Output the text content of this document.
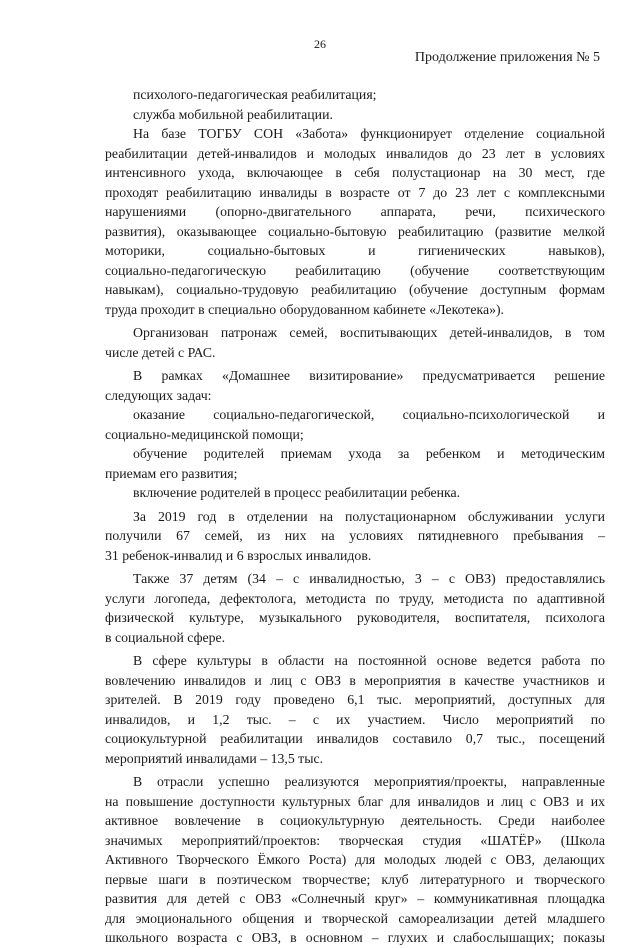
26
Продолжение приложения № 5
психолого-педагогическая реабилитация;
служба мобильной реабилитации.
На базе ТОГБУ СОН «Забота» функционирует отделение социальной
реабилитации детей-инвалидов и молодых инвалидов до 23 лет в условиях
интенсивного ухода, включающее в себя полустационар на 30 мест, где
проходят реабилитацию инвалиды в возрасте от 7 до 23 лет с комплексными
нарушениями (опорно-двигательного аппарата, речи, психического
развития), оказывающее социально-бытовую реабилитацию (развитие мелкой
моторики, социально-бытовых и гигиенических навыков),
социально-педагогическую реабилитацию (обучение соответствующим
навыкам), социально-трудовую реабилитацию (обучение доступным формам
труда проходит в специально оборудованном кабинете «Лекотека»).
Организован патронаж семей, воспитывающих детей-инвалидов, в том
числе детей с РАС.
В рамках «Домашнее визитирование» предусматривается решение
следующих задач:
оказание социально-педагогической, социально-психологической и
социально-медицинской помощи;
обучение родителей приемам ухода за ребенком и методическим
приемам его развития;
включение родителей в процесс реабилитации ребенка.
За 2019 год в отделении на полустационарном обслуживании услуги
получили 67 семей, из них на условиях пятидневного пребывания –
31 ребенок-инвалид и 6 взрослых инвалидов.
Также 37 детям (34 – с инвалидностью, 3 – с ОВЗ) предоставлялись
услуги логопеда, дефектолога, методиста по труду, методиста по адаптивной
физической культуре, музыкального руководителя, воспитателя, психолога
в социальной сфере.
В сфере культуры в области на постоянной основе ведется работа по
вовлечению инвалидов и лиц с ОВЗ в мероприятия в качестве участников и
зрителей. В 2019 году проведено 6,1 тыс. мероприятий, доступных для
инвалидов, и 1,2 тыс. – с их участием. Число мероприятий по
социокультурной реабилитации инвалидов составило 0,7 тыс., посещений
мероприятий инвалидами – 13,5 тыс.
В отрасли успешно реализуются мероприятия/проекты, направленные
на повышение доступности культурных благ для инвалидов и лиц с ОВЗ и их
активное вовлечение в социокультурную деятельность. Среди наиболее
значимых мероприятий/проектов: творческая студия «ШАТЁР» (Школа
Активного Творческого Ёмкого Роста) для молодых людей с ОВЗ, делающих
первые шаги в поэтическом творчестве; клуб литературного и творческого
развития для детей с ОВЗ «Солнечный круг» – коммуникативная площадка
для эмоционального общения и творческой самореализации детей младшего
школьного возраста с ОВЗ, в основном – глухих и слабослышащих; показы
